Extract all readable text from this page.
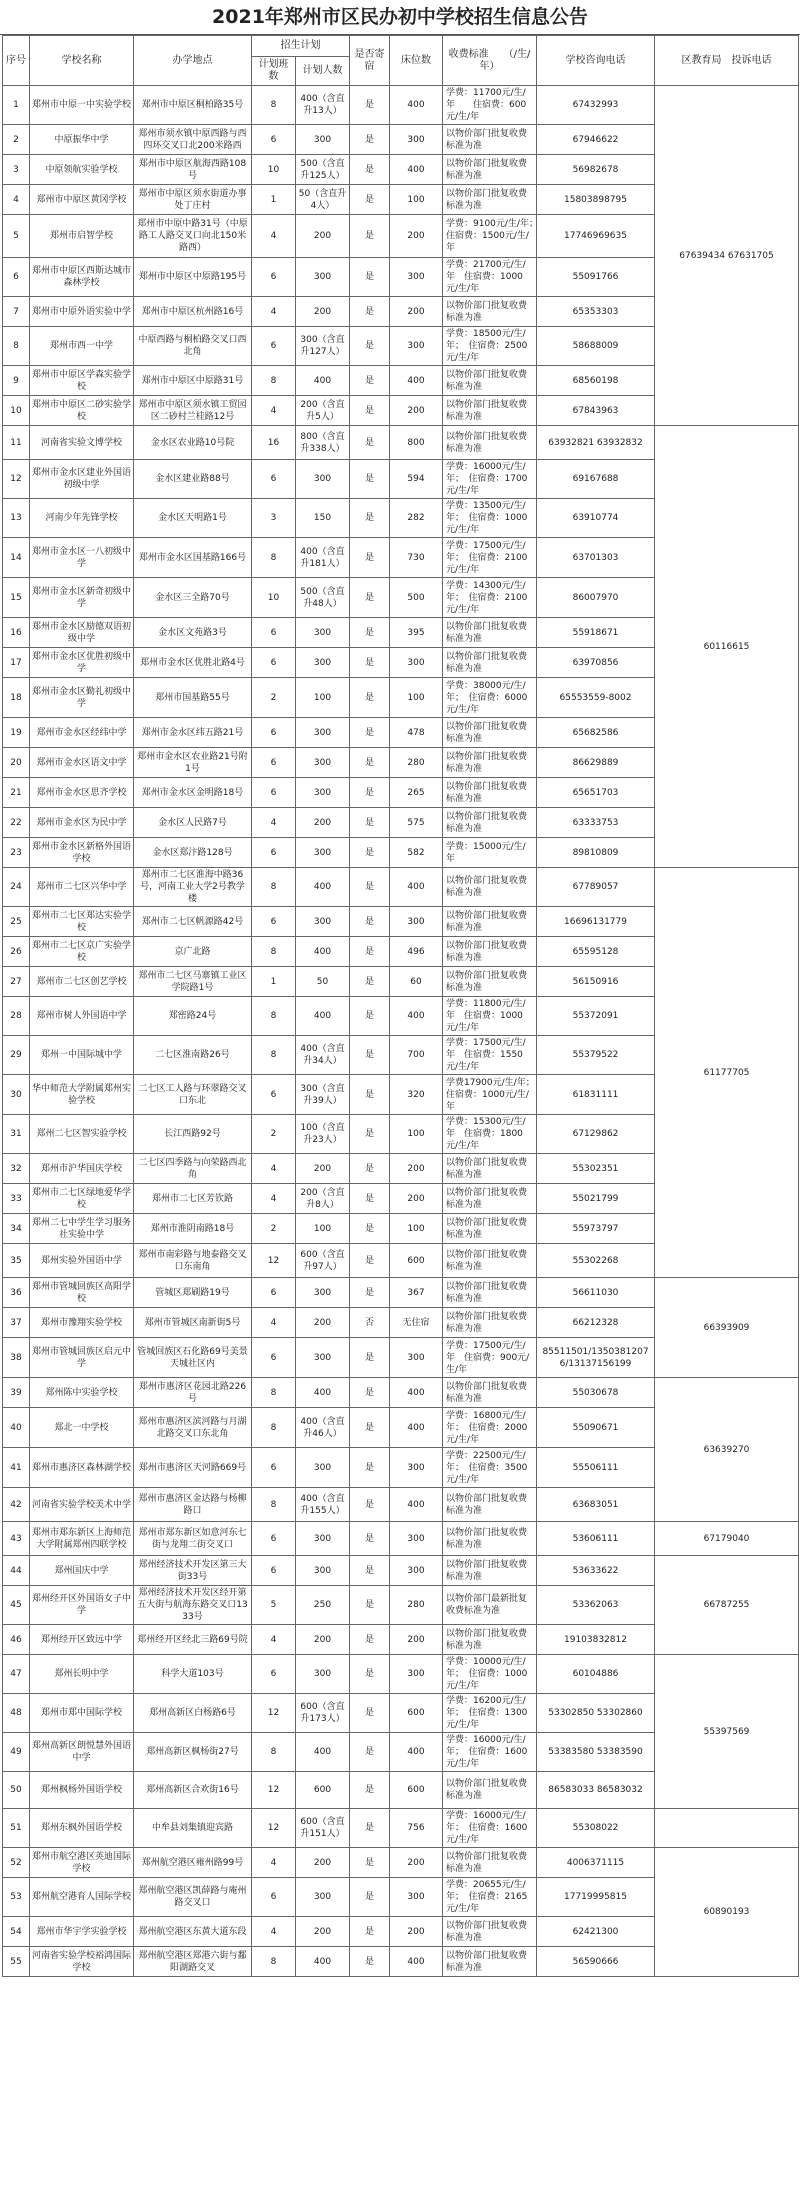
2021年郑州市区民办初中学校招生信息公告
序号	学校名称	办学地点	招生计划		是否寄宿	床位数	收费标准　　（/生/年）	学校咨询电话	区教育局　投诉电话
			计划班数	计划人数					
1	郑州市中原一中实验学校	郑州市中原区桐柏路35号	8	400（含直升13人）	是	400	学费：11700元/生/年　　住宿费：600元/生/年	67432993	67639434 67631705
2	中原振华中学	郑州市须水镇中原西路与西四环交叉口北200米路西	6	300	是	300	以物价部门批复收费标准为准	67946622	
3	中原领航实验学校	郑州市中原区航海西路108号	10	500（含直升125人）	是	400	以物价部门批复收费标准为准	56982678	
4	郑州市中原区黄冈学校	郑州市中原区须水街道办事处丁庄村	1	50（含直升4人）	是	100	以物价部门批复收费标准为准	15803898795	
5	郑州市启智学校	郑州市中原中路31号（中原路工人路交叉口向北150米路西）	4	200	是	200	学费：9100元/生/年；　住宿费：1500元/生/年	17746969635	
6	郑州市中原区西斯达城市森林学校	郑州市中原区中原路195号	6	300	是	300	学费：21700元/生/年　住宿费：1000元/生/年	55091766	
7	郑州市中原外语实验中学	郑州市中原区杭州路16号	4	200	是	200	以物价部门批复收费标准为准	65353303	
8	郑州市西一中学	中原西路与桐柏路交叉口西北角	6	300（含直升127人）	是	300	学费：18500元/生/年；　住宿费：2500元/生/年	58688009	
9	郑州市中原区学森实验学校	郑州市中原区中原路31号	8	400	是	400	以物价部门批复收费标准为准	68560198	
10	郑州市中原区二砂实验学校	郑州市中原区须水镇工贸园区二砂村兰桂路12号	4	200（含直升5人）	是	200	以物价部门批复收费标准为准	67843963	
11	河南省实验文博学校	金水区农业路10号院	16	800（含直升338人）	是	800	以物价部门批复收费标准为准	63932821 63932832	60116615
12	郑州市金水区建业外国语初级中学	金水区建业路88号	6	300	是	594	学费：16000元/生/年；　住宿费：1700元/生/年	69167688	
13	河南少年先锋学校	金水区天明路1号	3	150	是	282	学费：13500元/生/年；　住宿费：1000元/生/年	63910774	
14	郑州市金水区一八初级中学	郑州市金水区国基路166号	8	400（含直升181人）	是	730	学费：17500元/生/年；　住宿费：2100元/生/年	63701303	
15	郑州市金水区新奇初级中学	金水区三全路70号	10	500（含直升48人）	是	500	学费：14300元/生/年；　住宿费：2100元/生/年	86007970	
16	郑州市金水区励德双语初级中学	金水区文苑路3号	6	300	是	395	以物价部门批复收费标准为准	55918671	
17	郑州市金水区优胜初级中学	郑州市金水区优胜北路4号	6	300	是	300	以物价部门批复收费标准为准	63970856	
18	郑州市金水区勤礼初级中学	郑州市国基路55号	2	100	是	100	学费：38000元/生/年；　住宿费：6000元/生/年	65553559-8002	
19	郑州市金水区经纬中学	郑州市金水区纬五路21号	6	300	是	478	以物价部门批复收费标准为准	65682586	
20	郑州市金水区语文中学	郑州市金水区农业路21号附1号	6	300	是	280	以物价部门批复收费标准为准	86629889	
21	郑州市金水区思齐学校	郑州市金水区金明路18号	6	300	是	265	以物价部门批复收费标准为准	65651703	
22	郑州市金水区为民中学	金水区人民路7号	4	200	是	575	以物价部门批复收费标准为准	63333753	
23	郑州市金水区新格外国语学校	金水区郑汴路128号	6	300	是	582	学费：15000元/生/年	89810809	
24	郑州市二七区兴华中学	郑州市二七区淮海中路36号，河南工业大学2号教学楼	8	400	是	400	以物价部门批复收费标准为准	67789057	61177705
25	郑州市二七区郑达实验学校	郑州市二七区帆源路42号	6	300	是	300	以物价部门批复收费标准为准	16696131779	
26	郑州市二七区京广实验学校	京广北路	8	400	是	496	以物价部门批复收费标准为准	65595128	
27	郑州市二七区创艺学校	郑州市二七区马寨镇工业区学院路1号	1	50	是	60	以物价部门批复收费标准为准	56150916	
28	郑州市树人外国语中学	郑密路24号	8	400	是	400	学费：11800元/生/年　住宿费：1000元/生/年	55372091	
29	郑州一中国际城中学	二七区淮南路26号	8	400（含直升34人）	是	700	学费：17500元/生/年　住宿费：1550元/生/年	55379522	
30	华中师范大学附属郑州实验学校	二七区工人路与环翠路交叉口东北	6	300（含直升39人）	是	320	学费17900元/生/年；　住宿费：1000元/生/年	61831111	
31	郑州二七区智实验学校	长江西路92号	2	100（含直升23人）	是	100	学费：15300元/生/年　住宿费：1800元/生/年	67129862	
32	郑州市沪华国庆学校	二七区四季路与向荣路西北角	4	200	是	200	以物价部门批复收费标准为准	55302351	
33	郑州市二七区绿地爱华学校	郑州市二七区芳钦路	4	200（含直升8人）	是	200	以物价部门批复收费标准为准	55021799	
34	郑州二七中学生学习服务社实验中学	郑州市淮阴南路18号	2	100	是	100	以物价部门批复收费标准为准	55973797	
35	郑州实验外国语中学	郑州市南彩路与地泰路交叉口东南角	12	600（含直升97人）	是	600	以物价部门批复收费标准为准	55302268	
36	郑州市管城回族区高阳学校	管城区郑刷路19号	6	300	是	367	以物价部门批复收费标准为准	56611030	66393909
37	郑州市豫翔实验学校	郑州市管城区南新街5号	4	200	否	无住宿	以物价部门批复收费标准为准	66212328	
38	郑州市管城回族区启元中学	管城回族区石化路69号美景天城社区内	6	300	是	300	学费：17500元/生/年　住宿费：900元/生/年	85511501/13503812076/13137156199	
39	郑州陈中实验学校	郑州市惠济区花园北路226号	8	400	是	400	以物价部门批复收费标准为准	55030678	63639270
40	郑北一中学校	郑州市惠济区滨河路与月湖北路交叉口东北角	8	400（含直升46人）	是	400	学费：16800元/生/年；　住宿费：2000元/生/年	55090671	
41	郑州市惠济区森林湖学校	郑州市惠济区天河路669号	6	300	是	300	学费：22500元/生/年；　住宿费：3500元/生/年	55506111	
42	河南省实验学校美术中学	郑州市惠济区金达路与杨柳路口	8	400（含直升155人）	是	400	以物价部门批复收费标准为准	63683051	
43	郑州市郑东新区上海师范大学附属郑州四联学校	郑州市郑东新区如意河东七街与龙翔二街交叉口	6	300	是	300	以物价部门批复收费标准为准	53606111	67179040
44	郑州国庆中学	郑州经济技术开发区第三大街33号	6	300	是	300	以物价部门批复收费标准为准	53633622	66787255
45	郑州经开区外国语女子中学	郑州经济技术开发区经开第五大街与航海东路交叉口1333号	5	250	是	280	以物价部门最新批复收费标准为准	53362063	
46	郑州经开区致远中学	郑州经开区经北三路69号院	4	200	是	200	以物价部门批复收费标准为准	19103832812	
47	郑州长明中学	科学大道103号	6	300	是	300	学费：10000元/生/年；　住宿费：1000元/生/年	60104886	55397569
48	郑州市郑中国际学校	郑州高新区白杨路6号	12	600（含直升173人）	是	600	学费：16200元/生/年；　住宿费：1300元/生/年	53302850 53302860	
49	郑州高新区朗悦慧外国语中学	郑州高新区枫杨街27号	8	400	是	400	学费：16000元/生/年；　住宿费：1600元/生/年	53383580 53383590	
50	郑州枫杨外国语学校	郑州高新区合欢街16号	12	600	是	600	以物价部门批复收费标准为准	86583033 86583032	
51	郑州东枫外国语学校	中牟县刘集镇迎宾路	12	600（含直升151人）	是	756	学费：16000元/生/年；　住宿费：1600元/生/年	55308022	
52	郑州市航空港区英迪国际学校	郑州航空港区雍州路99号	4	200	是	200	以物价部门批复收费标准为准	4006371115	60890193
53	郑州航空港育人国际学校	郑州航空港区凯薛路与庵州路交叉口	6	300	是	300	学费：20655元/生/年；　住宿费：2165元/生/年	17719995815	
54	郑州市华宇学实验学校	郑州航空港区东黄大道东段	4	200	是	200	以物价部门批复收费标准为准	62421300	
55	河南省实验学校裕鸿国际学校	郑州航空港区郑港六街与鄱阳湖路交叉	8	400	是	400	以物价部门批复收费标准为准	56590666	
